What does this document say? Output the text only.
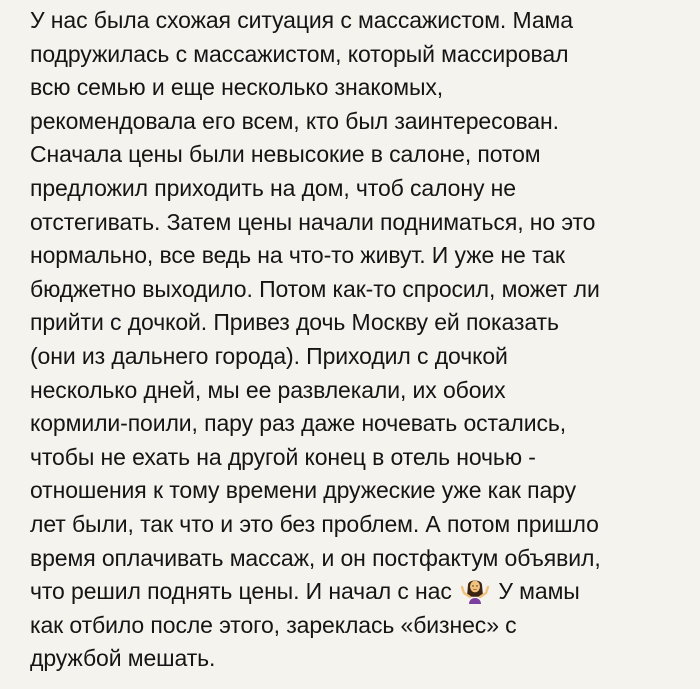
У нас была схожая ситуация с массажистом. Мама
подружилась с массажистом, который массировал
всю семью и еще несколько знакомых,
рекомендовала его всем, кто был заинтересован.
Сначала цены были невысокие в салоне, потом
предложил приходить на дом, чтоб салону не
отстегивать. Затем цены начали подниматься, но это
нормально, все ведь на что-то живут. И уже не так
бюджетно выходило. Потом как-то спросил, может ли
прийти с дочкой. Привез дочь Москву ей показать
(они из дальнего города). Приходил с дочкой
несколько дней, мы ее развлекали, их обоих
кормили-поили, пару раз даже ночевать остались,
чтобы не ехать на другой конец в отель ночью -
отношения к тому времени дружеские уже как пару
лет были, так что и это без проблем. А потом пришло
время оплачивать массаж, и он постфактум объявил,
что решил поднять цены. И начал с нас У мамы
как отбило после этого, зареклась «бизнес» с
дружбой мешать.
